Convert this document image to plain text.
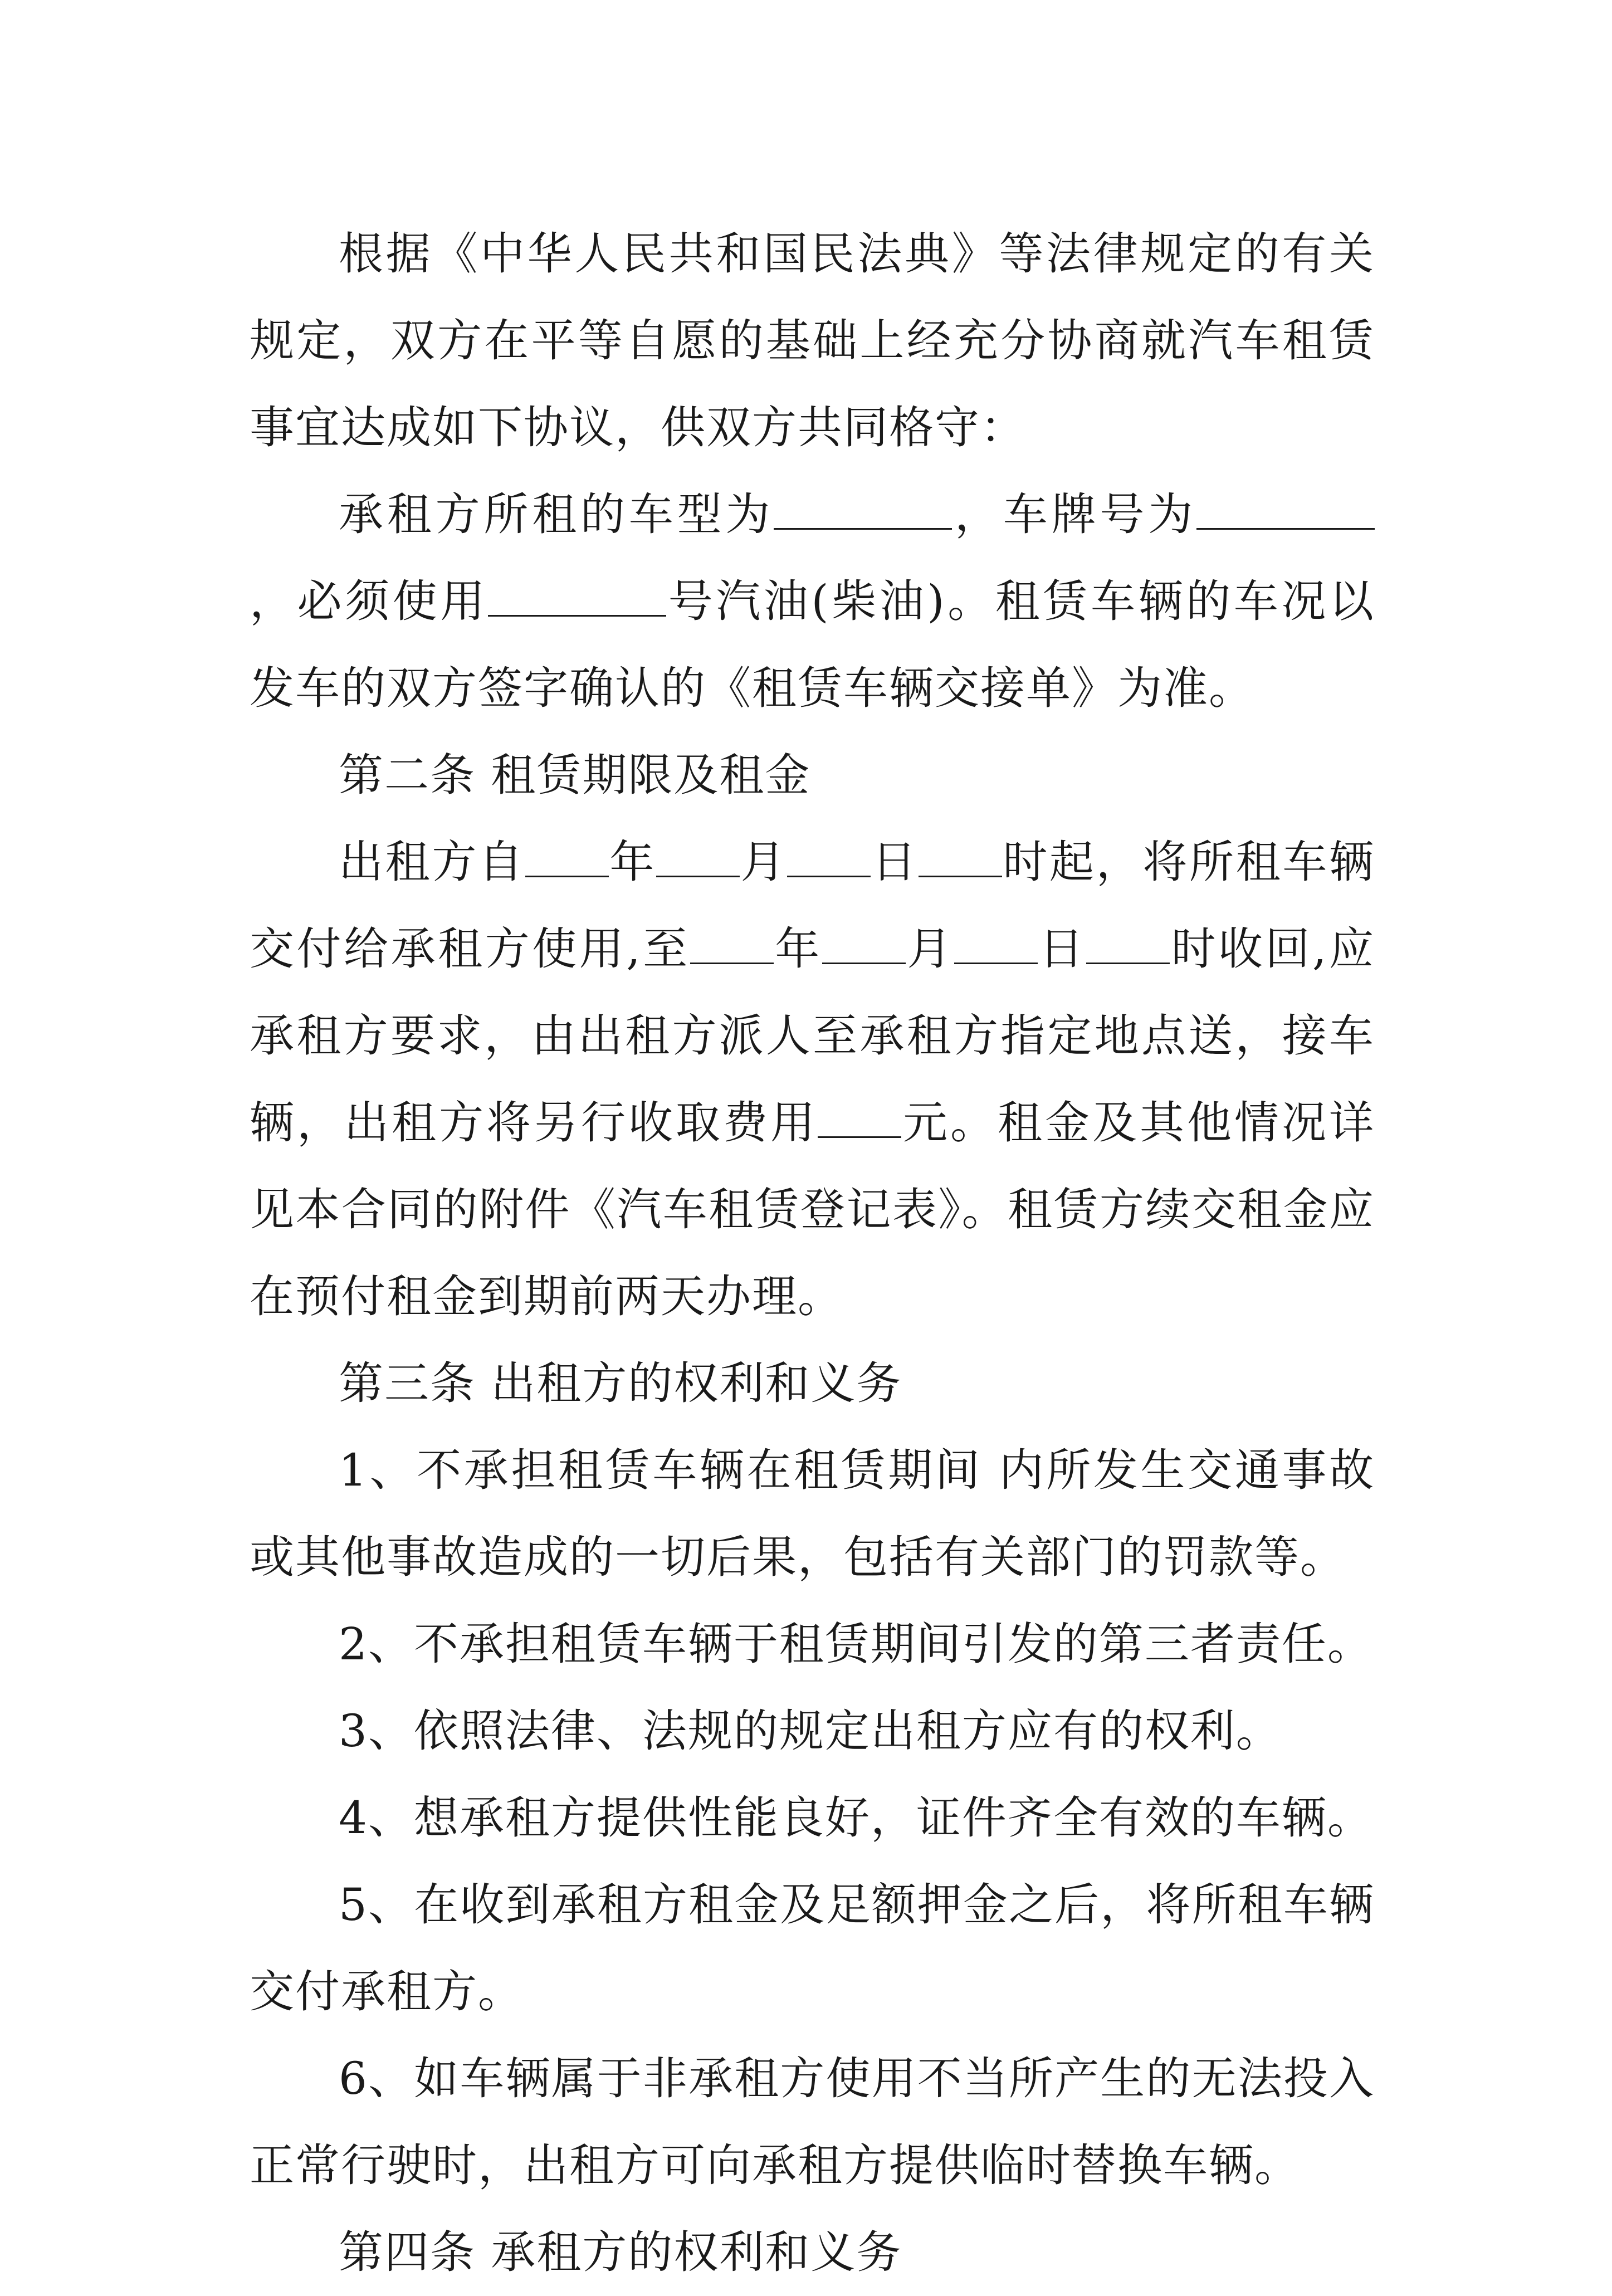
根据《中华人民共和国民法典》等法律规定的有关规定，双方在平等自愿的基础上经充分协商就汽车租赁事宜达成如下协议，供双方共同格守：

承租方所租的车型为	，车牌号为，必须使用	号汽油(柴油)。租赁车辆的车况以发车的双方签字确认的《租赁车辆交接单》为准。

第二条 租赁期限及租金

出租方自 年 月 日 时起，将所租车辆交付给承租方使用,至 年 月 日 时收回,应承租方要求，由出租方派人至承租方指定地点送，接车辆，出租方将另行收取费用 元。租金及其他情况详见本合同的附件《汽车租赁登记表》。租赁方续交租金应在预付租金到期前两天办理。

第三条 出租方的权利和义务

1、不承担租赁车辆在租赁期间 内所发生交通事故或其他事故造成的一切后果，包括有关部门的罚款等。

2、不承担租赁车辆于租赁期间引发的第三者责任。

3、依照法律、法规的规定出租方应有的权利。

4、想承租方提供性能良好，证件齐全有效的车辆。

5、在收到承租方租金及足额押金之后，将所租车辆交付承租方。

6、如车辆属于非承租方使用不当所产生的无法投入正常行驶时，出租方可向承租方提供临时替换车辆。

第四条 承租方的权利和义务
